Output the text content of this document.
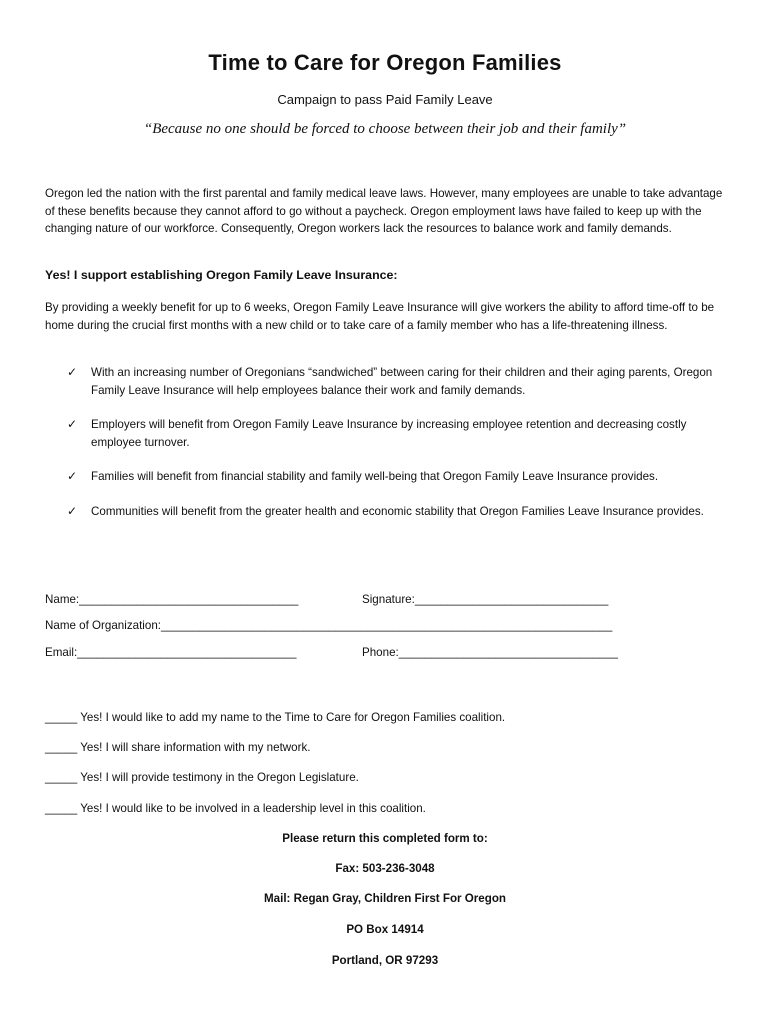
Time to Care for Oregon Families
Campaign to pass Paid Family Leave
“Because no one should be forced to choose between their job and their family”
Oregon led the nation with the first parental and family medical leave laws. However, many employees are unable to take advantage of these benefits because they cannot afford to go without a paycheck. Oregon employment laws have failed to keep up with the changing nature of our workforce. Consequently, Oregon workers lack the resources to balance work and family demands.
Yes! I support establishing Oregon Family Leave Insurance:
By providing a weekly benefit for up to 6 weeks, Oregon Family Leave Insurance will give workers the ability to afford time-off to be home during the crucial first months with a new child or to take care of a family member who has a life-threatening illness.
✓ With an increasing number of Oregonians “sandwiched” between caring for their children and their aging parents, Oregon Family Leave Insurance will help employees balance their work and family demands.
✓ Employers will benefit from Oregon Family Leave Insurance by increasing employee retention and decreasing costly employee turnover.
✓ Families will benefit from financial stability and family well-being that Oregon Family Leave Insurance provides.
✓ Communities will benefit from the greater health and economic stability that Oregon Families Leave Insurance provides.
Name:__________________________________	Signature:______________________________
Name of Organization:______________________________________________________________________
Email:__________________________________	Phone:__________________________________
_____ Yes! I would like to add my name to the Time to Care for Oregon Families coalition.
_____ Yes! I will share information with my network.
_____ Yes! I will provide testimony in the Oregon Legislature.
_____ Yes! I would like to be involved in a leadership level in this coalition.
Please return this completed form to:
Fax: 503-236-3048
Mail: Regan Gray, Children First For Oregon
PO Box 14914
Portland, OR 97293
